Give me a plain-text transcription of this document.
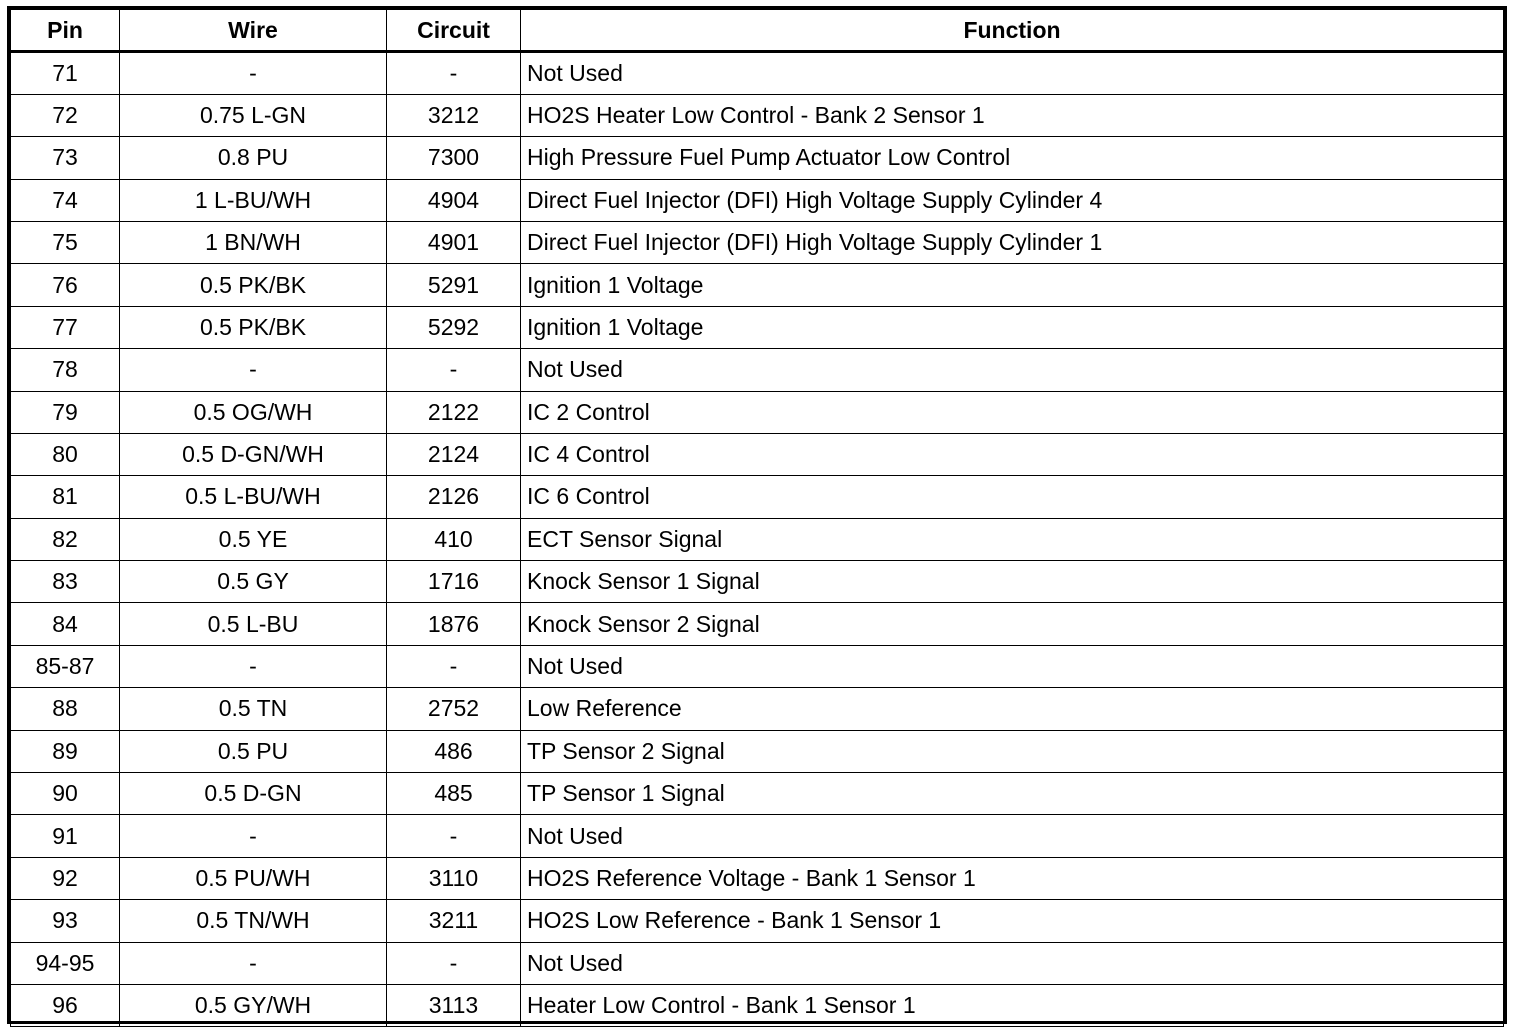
Pin	Wire	Circuit	Function
71	-	-	Not Used
72	0.75 L-GN	3212	HO2S Heater Low Control - Bank 2 Sensor 1
73	0.8 PU	7300	High Pressure Fuel Pump Actuator Low Control
74	1 L-BU/WH	4904	Direct Fuel Injector (DFI) High Voltage Supply Cylinder 4
75	1 BN/WH	4901	Direct Fuel Injector (DFI) High Voltage Supply Cylinder 1
76	0.5 PK/BK	5291	Ignition 1 Voltage
77	0.5 PK/BK	5292	Ignition 1 Voltage
78	-	-	Not Used
79	0.5 OG/WH	2122	IC 2 Control
80	0.5 D-GN/WH	2124	IC 4 Control
81	0.5 L-BU/WH	2126	IC 6 Control
82	0.5 YE	410	ECT Sensor Signal
83	0.5 GY	1716	Knock Sensor 1 Signal
84	0.5 L-BU	1876	Knock Sensor 2 Signal
85-87	-	-	Not Used
88	0.5 TN	2752	Low Reference
89	0.5 PU	486	TP Sensor 2 Signal
90	0.5 D-GN	485	TP Sensor 1 Signal
91	-	-	Not Used
92	0.5 PU/WH	3110	HO2S Reference Voltage - Bank 1 Sensor 1
93	0.5 TN/WH	3211	HO2S Low Reference - Bank 1 Sensor 1
94-95	-	-	Not Used
96	0.5 GY/WH	3113	Heater Low Control - Bank 1 Sensor 1
